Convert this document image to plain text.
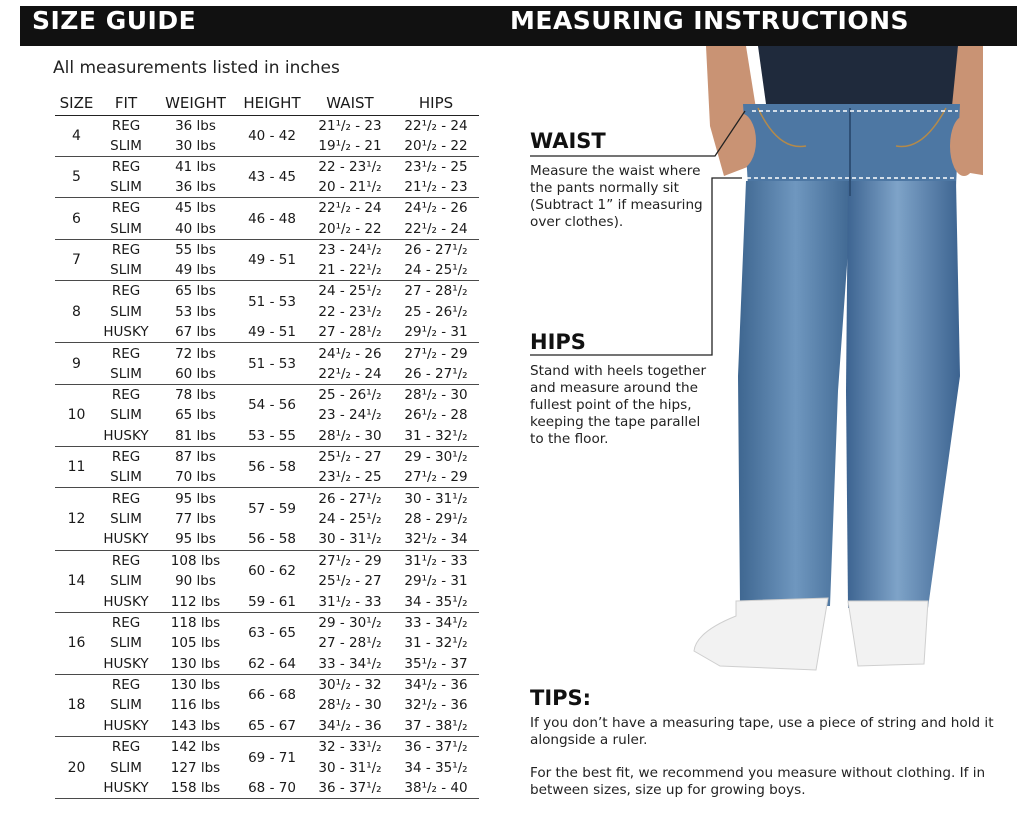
SIZE GUIDE	MEASURING INSTRUCTIONS
All measurements listed in inches
SIZE	FIT	WEIGHT	HEIGHT	WAIST	HIPS
4	REG	36 lbs	40 - 42	21¹/₂ - 23	22¹/₂ - 24
	SLIM	30 lbs		19¹/₂ - 21	20¹/₂ - 22
5	REG	41 lbs	43 - 45	22 - 23¹/₂	23¹/₂ - 25
	SLIM	36 lbs		20 - 21¹/₂	21¹/₂ - 23
6	REG	45 lbs	46 - 48	22¹/₂ - 24	24¹/₂ - 26
	SLIM	40 lbs		20¹/₂ - 22	22¹/₂ - 24
7	REG	55 lbs	49 - 51	23 - 24¹/₂	26 - 27¹/₂
	SLIM	49 lbs		21 - 22¹/₂	24 - 25¹/₂
8	REG	65 lbs	51 - 53	24 - 25¹/₂	27 - 28¹/₂
	SLIM	53 lbs		22 - 23¹/₂	25 - 26¹/₂
	HUSKY	67 lbs	49 - 51	27 - 28¹/₂	29¹/₂ - 31
9	REG	72 lbs	51 - 53	24¹/₂ - 26	27¹/₂ - 29
	SLIM	60 lbs		22¹/₂ - 24	26 - 27¹/₂
10	REG	78 lbs	54 - 56	25 - 26¹/₂	28¹/₂ - 30
	SLIM	65 lbs		23 - 24¹/₂	26¹/₂ - 28
	HUSKY	81 lbs	53 - 55	28¹/₂ - 30	31 - 32¹/₂
11	REG	87 lbs	56 - 58	25¹/₂ - 27	29 - 30¹/₂
	SLIM	70 lbs		23¹/₂ - 25	27¹/₂ - 29
12	REG	95 lbs	57 - 59	26 - 27¹/₂	30 - 31¹/₂
	SLIM	77 lbs		24 - 25¹/₂	28 - 29¹/₂
	HUSKY	95 lbs	56 - 58	30 - 31¹/₂	32¹/₂ - 34
14	REG	108 lbs	60 - 62	27¹/₂ - 29	31¹/₂ - 33
	SLIM	90 lbs		25¹/₂ - 27	29¹/₂ - 31
	HUSKY	112 lbs	59 - 61	31¹/₂ - 33	34 - 35¹/₂
16	REG	118 lbs	63 - 65	29 - 30¹/₂	33 - 34¹/₂
	SLIM	105 lbs		27 - 28¹/₂	31 - 32¹/₂
	HUSKY	130 lbs	62 - 64	33 - 34¹/₂	35¹/₂ - 37
18	REG	130 lbs	66 - 68	30¹/₂ - 32	34¹/₂ - 36
	SLIM	116 lbs		28¹/₂ - 30	32¹/₂ - 36
	HUSKY	143 lbs	65 - 67	34¹/₂ - 36	37 - 38¹/₂
20	REG	142 lbs	69 - 71	32 - 33¹/₂	36 - 37¹/₂
	SLIM	127 lbs		30 - 31¹/₂	34 - 35¹/₂
	HUSKY	158 lbs	68 - 70	36 - 37¹/₂	38¹/₂ - 40
WAIST
Measure the waist where
the pants normally sit
(Subtract 1” if measuring
over clothes).
HIPS
Stand with heels together
and measure around the
fullest point of the hips,
keeping the tape parallel
to the floor.
TIPS:
If you don’t have a measuring tape, use a piece of string and hold it
alongside a ruler.
For the best fit, we recommend you measure without clothing. If in
between sizes, size up for growing boys.
